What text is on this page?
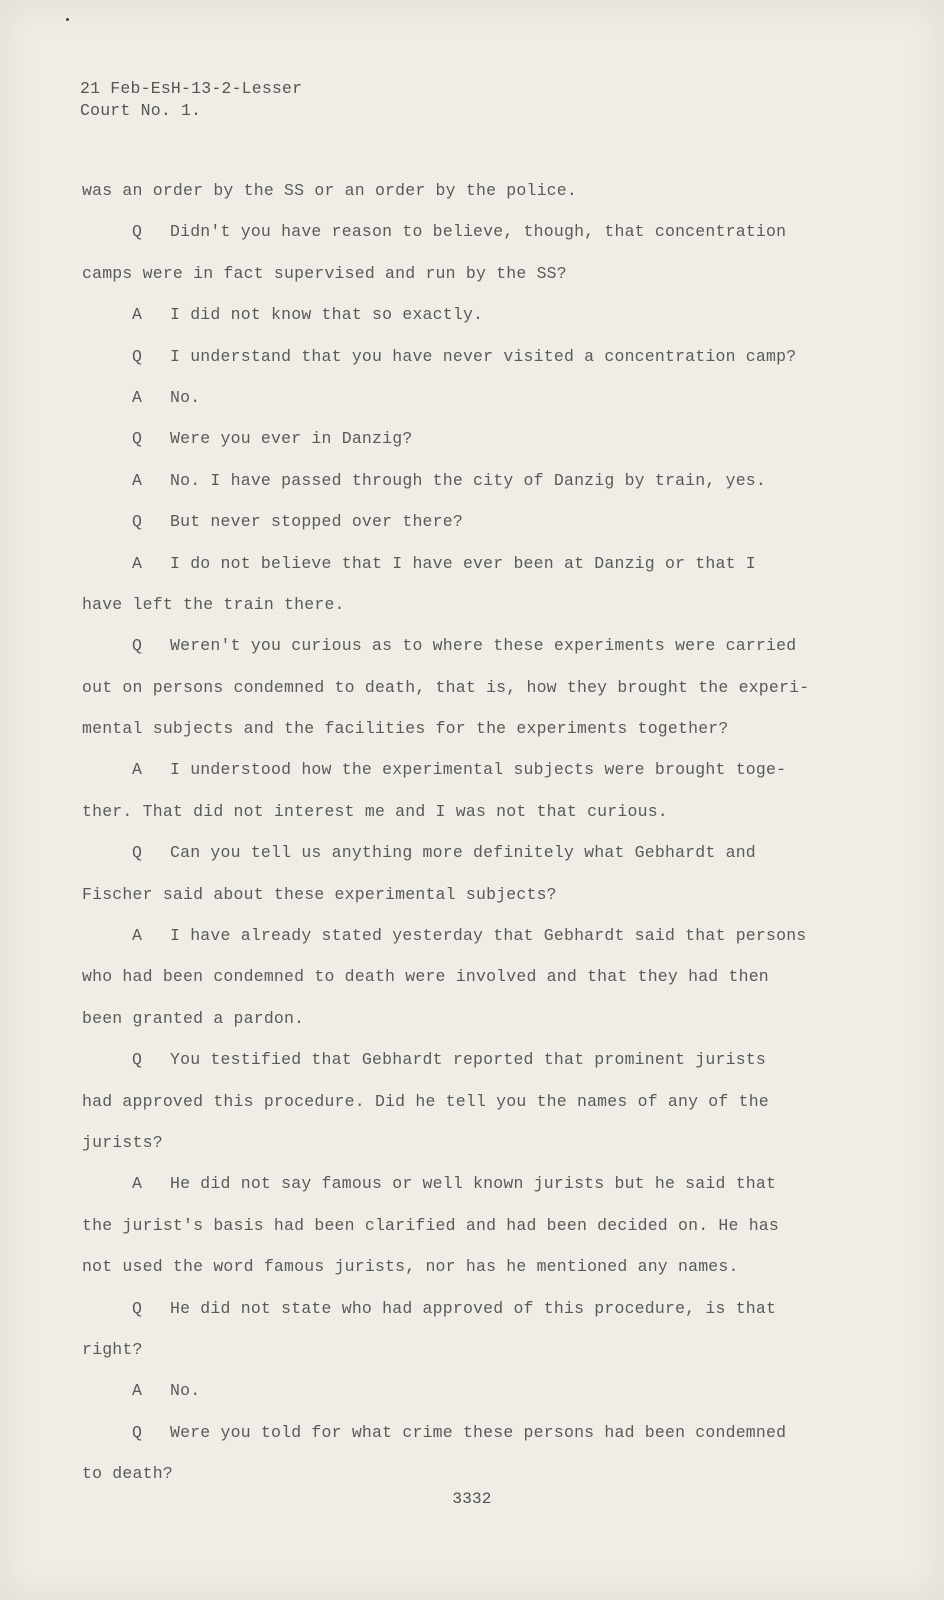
21 Feb-EsH-13-2-Lesser
Court No. 1.
was an order by the SS or an order by the police.
Q Didn't you have reason to believe, though, that concentration
camps were in fact supervised and run by the SS?
A I did not know that so exactly.
Q I understand that you have never visited a concentration camp?
A No.
Q Were you ever in Danzig?
A No. I have passed through the city of Danzig by train, yes.
Q But never stopped over there?
A I do not believe that I have ever been at Danzig or that I
have left the train there.
Q Weren't you curious as to where these experiments were carried
out on persons condemned to death, that is, how they brought the experi-
mental subjects and the facilities for the experiments together?
A I understood how the experimental subjects were brought toge-
ther. That did not interest me and I was not that curious.
Q Can you tell us anything more definitely what Gebhardt and
Fischer said about these experimental subjects?
A I have already stated yesterday that Gebhardt said that persons
who had been condemned to death were involved and that they had then
been granted a pardon.
Q You testified that Gebhardt reported that prominent jurists
had approved this procedure. Did he tell you the names of any of the
jurists?
A He did not say famous or well known jurists but he said that
the jurist's basis had been clarified and had been decided on. He has
not used the word famous jurists, nor has he mentioned any names.
Q He did not state who had approved of this procedure, is that
right?
A No.
Q Were you told for what crime these persons had been condemned
to death?
3332
